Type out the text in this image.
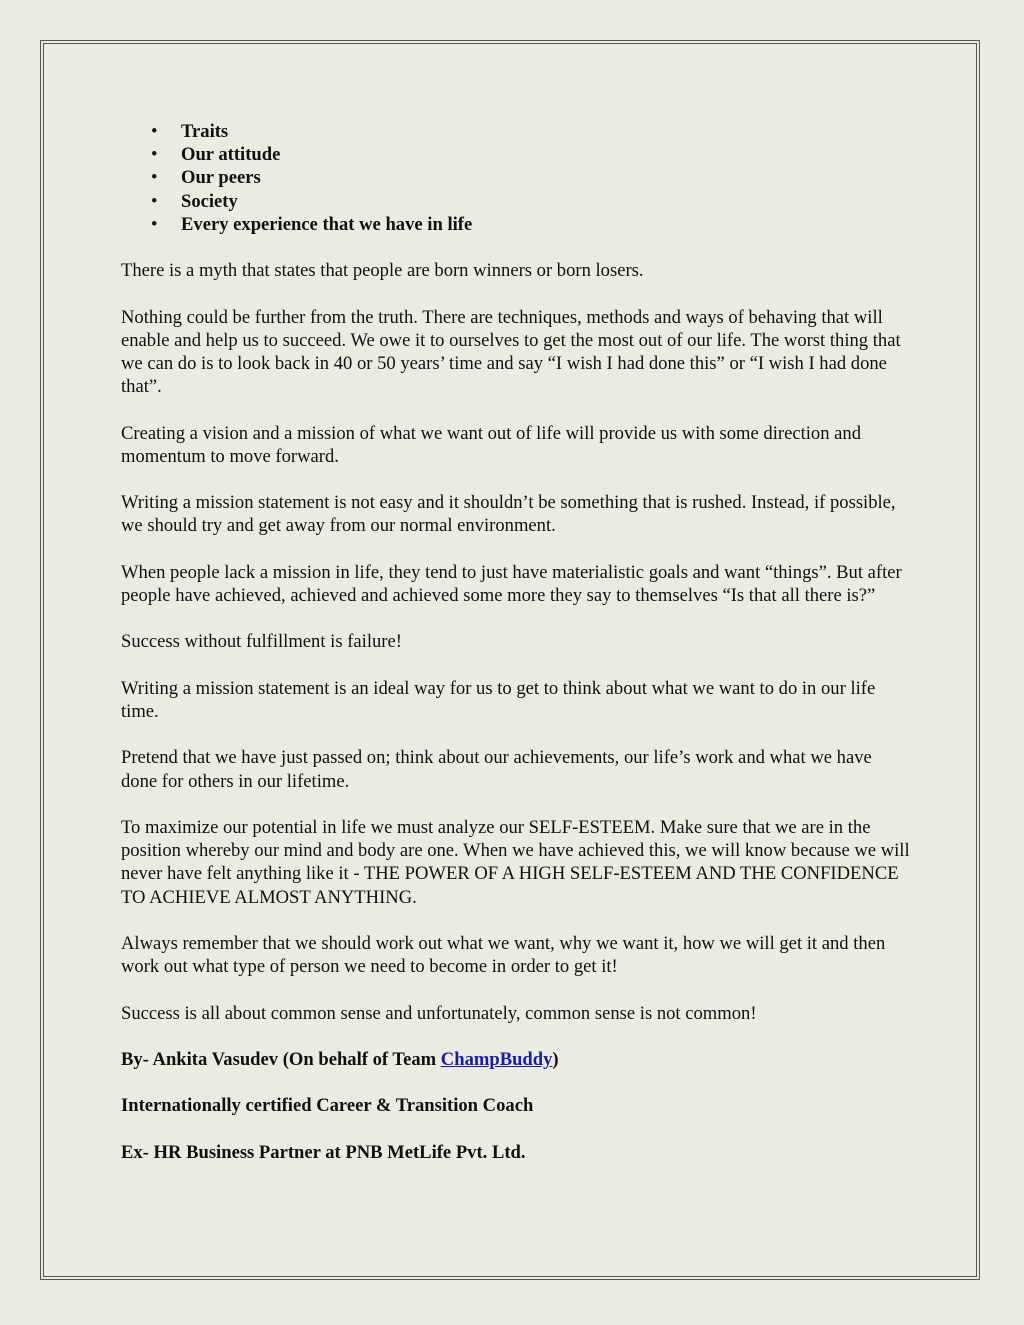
• Traits
• Our attitude
• Our peers
• Society
• Every experience that we have in life

There is a myth that states that people are born winners or born losers.

Nothing could be further from the truth. There are techniques, methods and ways of behaving that will enable and help us to succeed. We owe it to ourselves to get the most out of our life. The worst thing that we can do is to look back in 40 or 50 years’ time and say “I wish I had done this” or “I wish I had done that”.

Creating a vision and a mission of what we want out of life will provide us with some direction and momentum to move forward.

Writing a mission statement is not easy and it shouldn’t be something that is rushed. Instead, if possible, we should try and get away from our normal environment.

When people lack a mission in life, they tend to just have materialistic goals and want “things”. But after people have achieved, achieved and achieved some more they say to themselves “Is that all there is?”

Success without fulfillment is failure!

Writing a mission statement is an ideal way for us to get to think about what we want to do in our life time.

Pretend that we have just passed on; think about our achievements, our life’s work and what we have done for others in our lifetime.

To maximize our potential in life we must analyze our SELF-ESTEEM. Make sure that we are in the position whereby our mind and body are one. When we have achieved this, we will know because we will never have felt anything like it - THE POWER OF A HIGH SELF-ESTEEM AND THE CONFIDENCE TO ACHIEVE ALMOST ANYTHING.

Always remember that we should work out what we want, why we want it, how we will get it and then work out what type of person we need to become in order to get it!

Success is all about common sense and unfortunately, common sense is not common!

By- Ankita Vasudev (On behalf of Team ChampBuddy)

Internationally certified Career & Transition Coach

Ex- HR Business Partner at PNB MetLife Pvt. Ltd.
